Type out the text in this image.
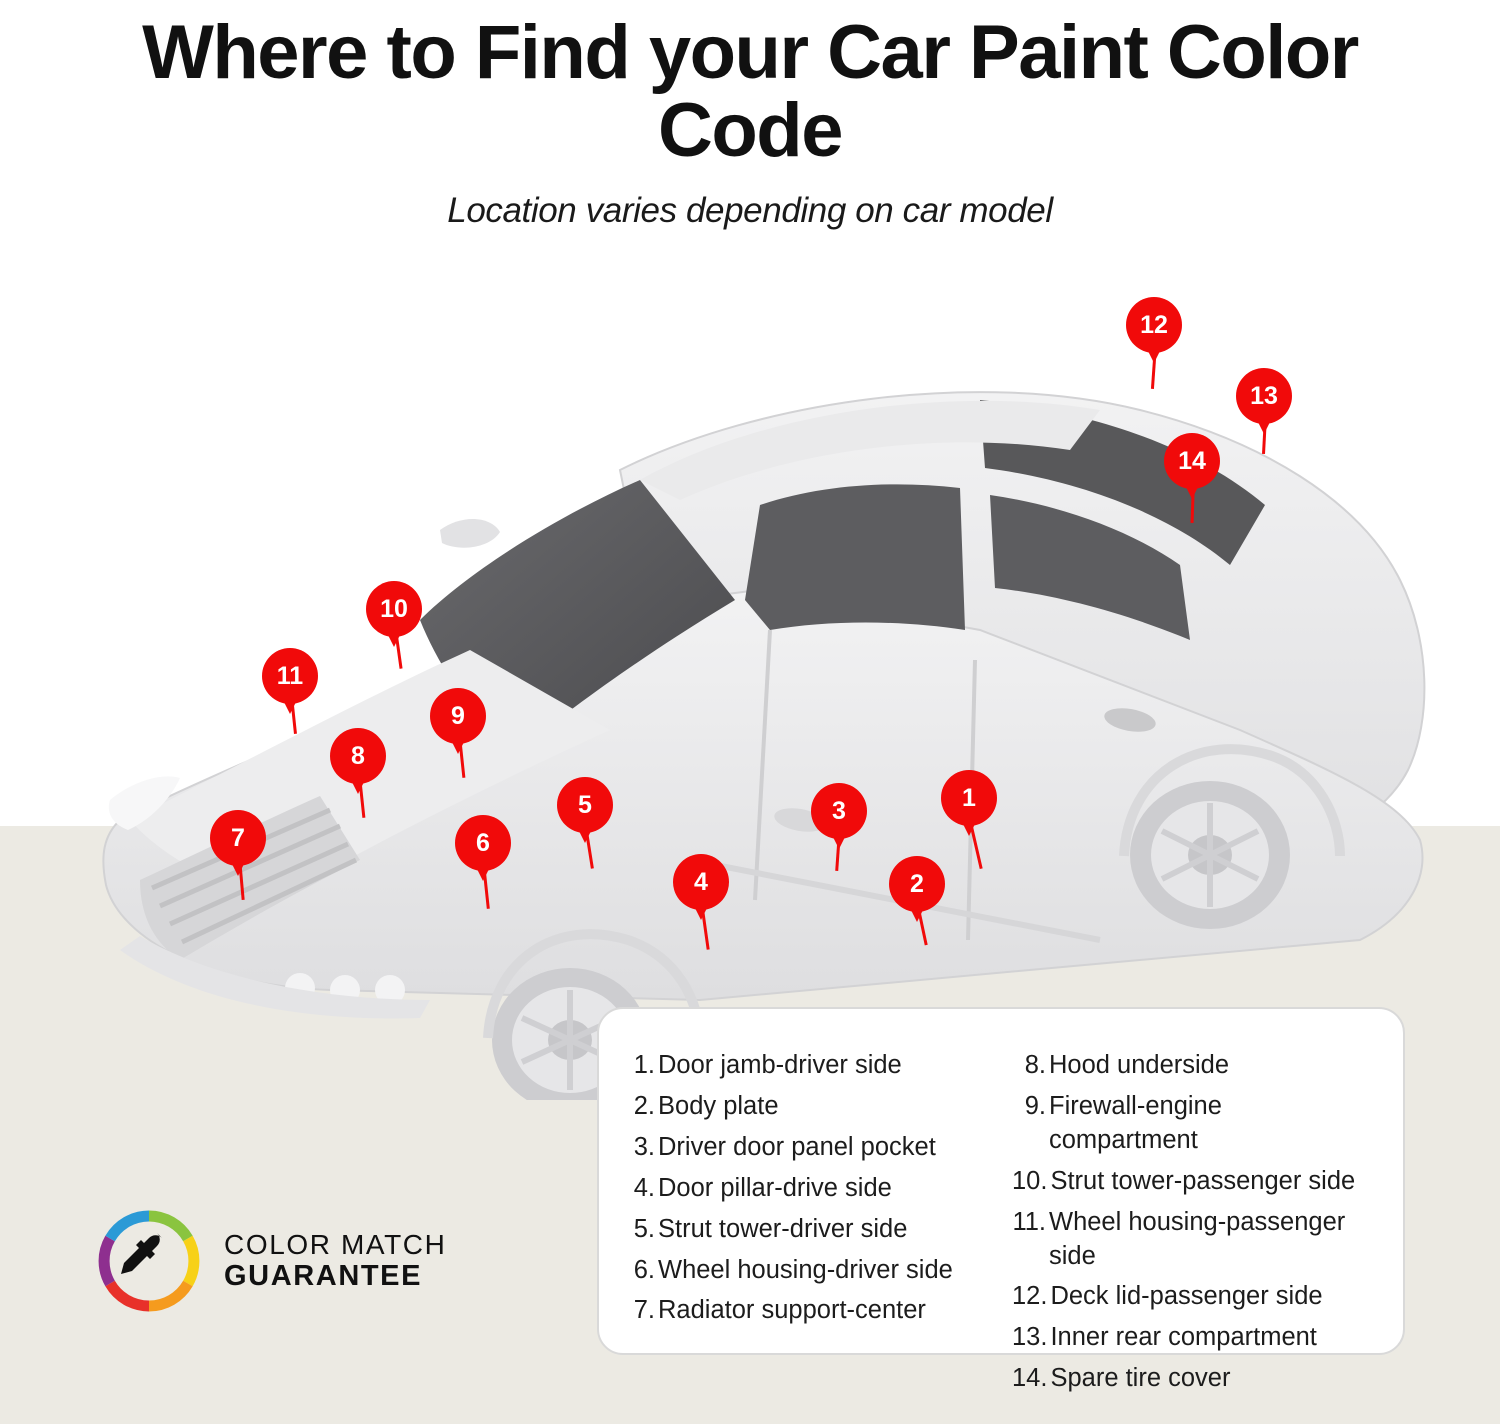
Where to Find your Car Paint Color Code
Location varies depending on car model
1
2
3
4
5
6
7
8
9
10
11
12
13
14
1. Door jamb-driver side
2. Body plate
3. Driver door panel pocket
4. Door pillar-drive side
5. Strut tower-driver side
6. Wheel housing-driver side
7. Radiator support-center
8. Hood underside
9. Firewall-engine compartment
10. Strut tower-passenger side
11. Wheel housing-passenger side
12. Deck lid-passenger side
13. Inner rear compartment
14. Spare tire cover
COLOR MATCH
GUARANTEE
